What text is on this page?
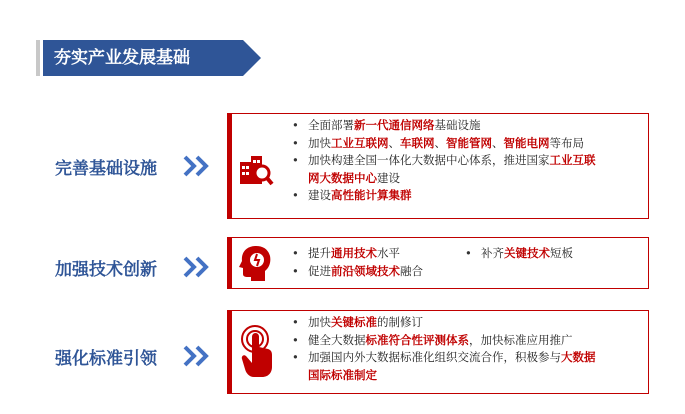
夯实产业发展基础
完善基础设施
• 全面部署新一代通信网络基础设施
• 加快工业互联网、车联网、智能管网、智能电网等布局
• 加快构建全国一体化大数据中心体系，推进国家工业互联
网大数据中心建设
• 建设高性能计算集群
加强技术创新
• 提升通用技术水平
• 促进前沿领域技术融合
• 补齐关键技术短板
强化标准引领
• 加快关键标准的制修订
• 健全大数据标准符合性评测体系，加快标准应用推广
• 加强国内外大数据标准化组织交流合作，积极参与大数据
国际标准制定
